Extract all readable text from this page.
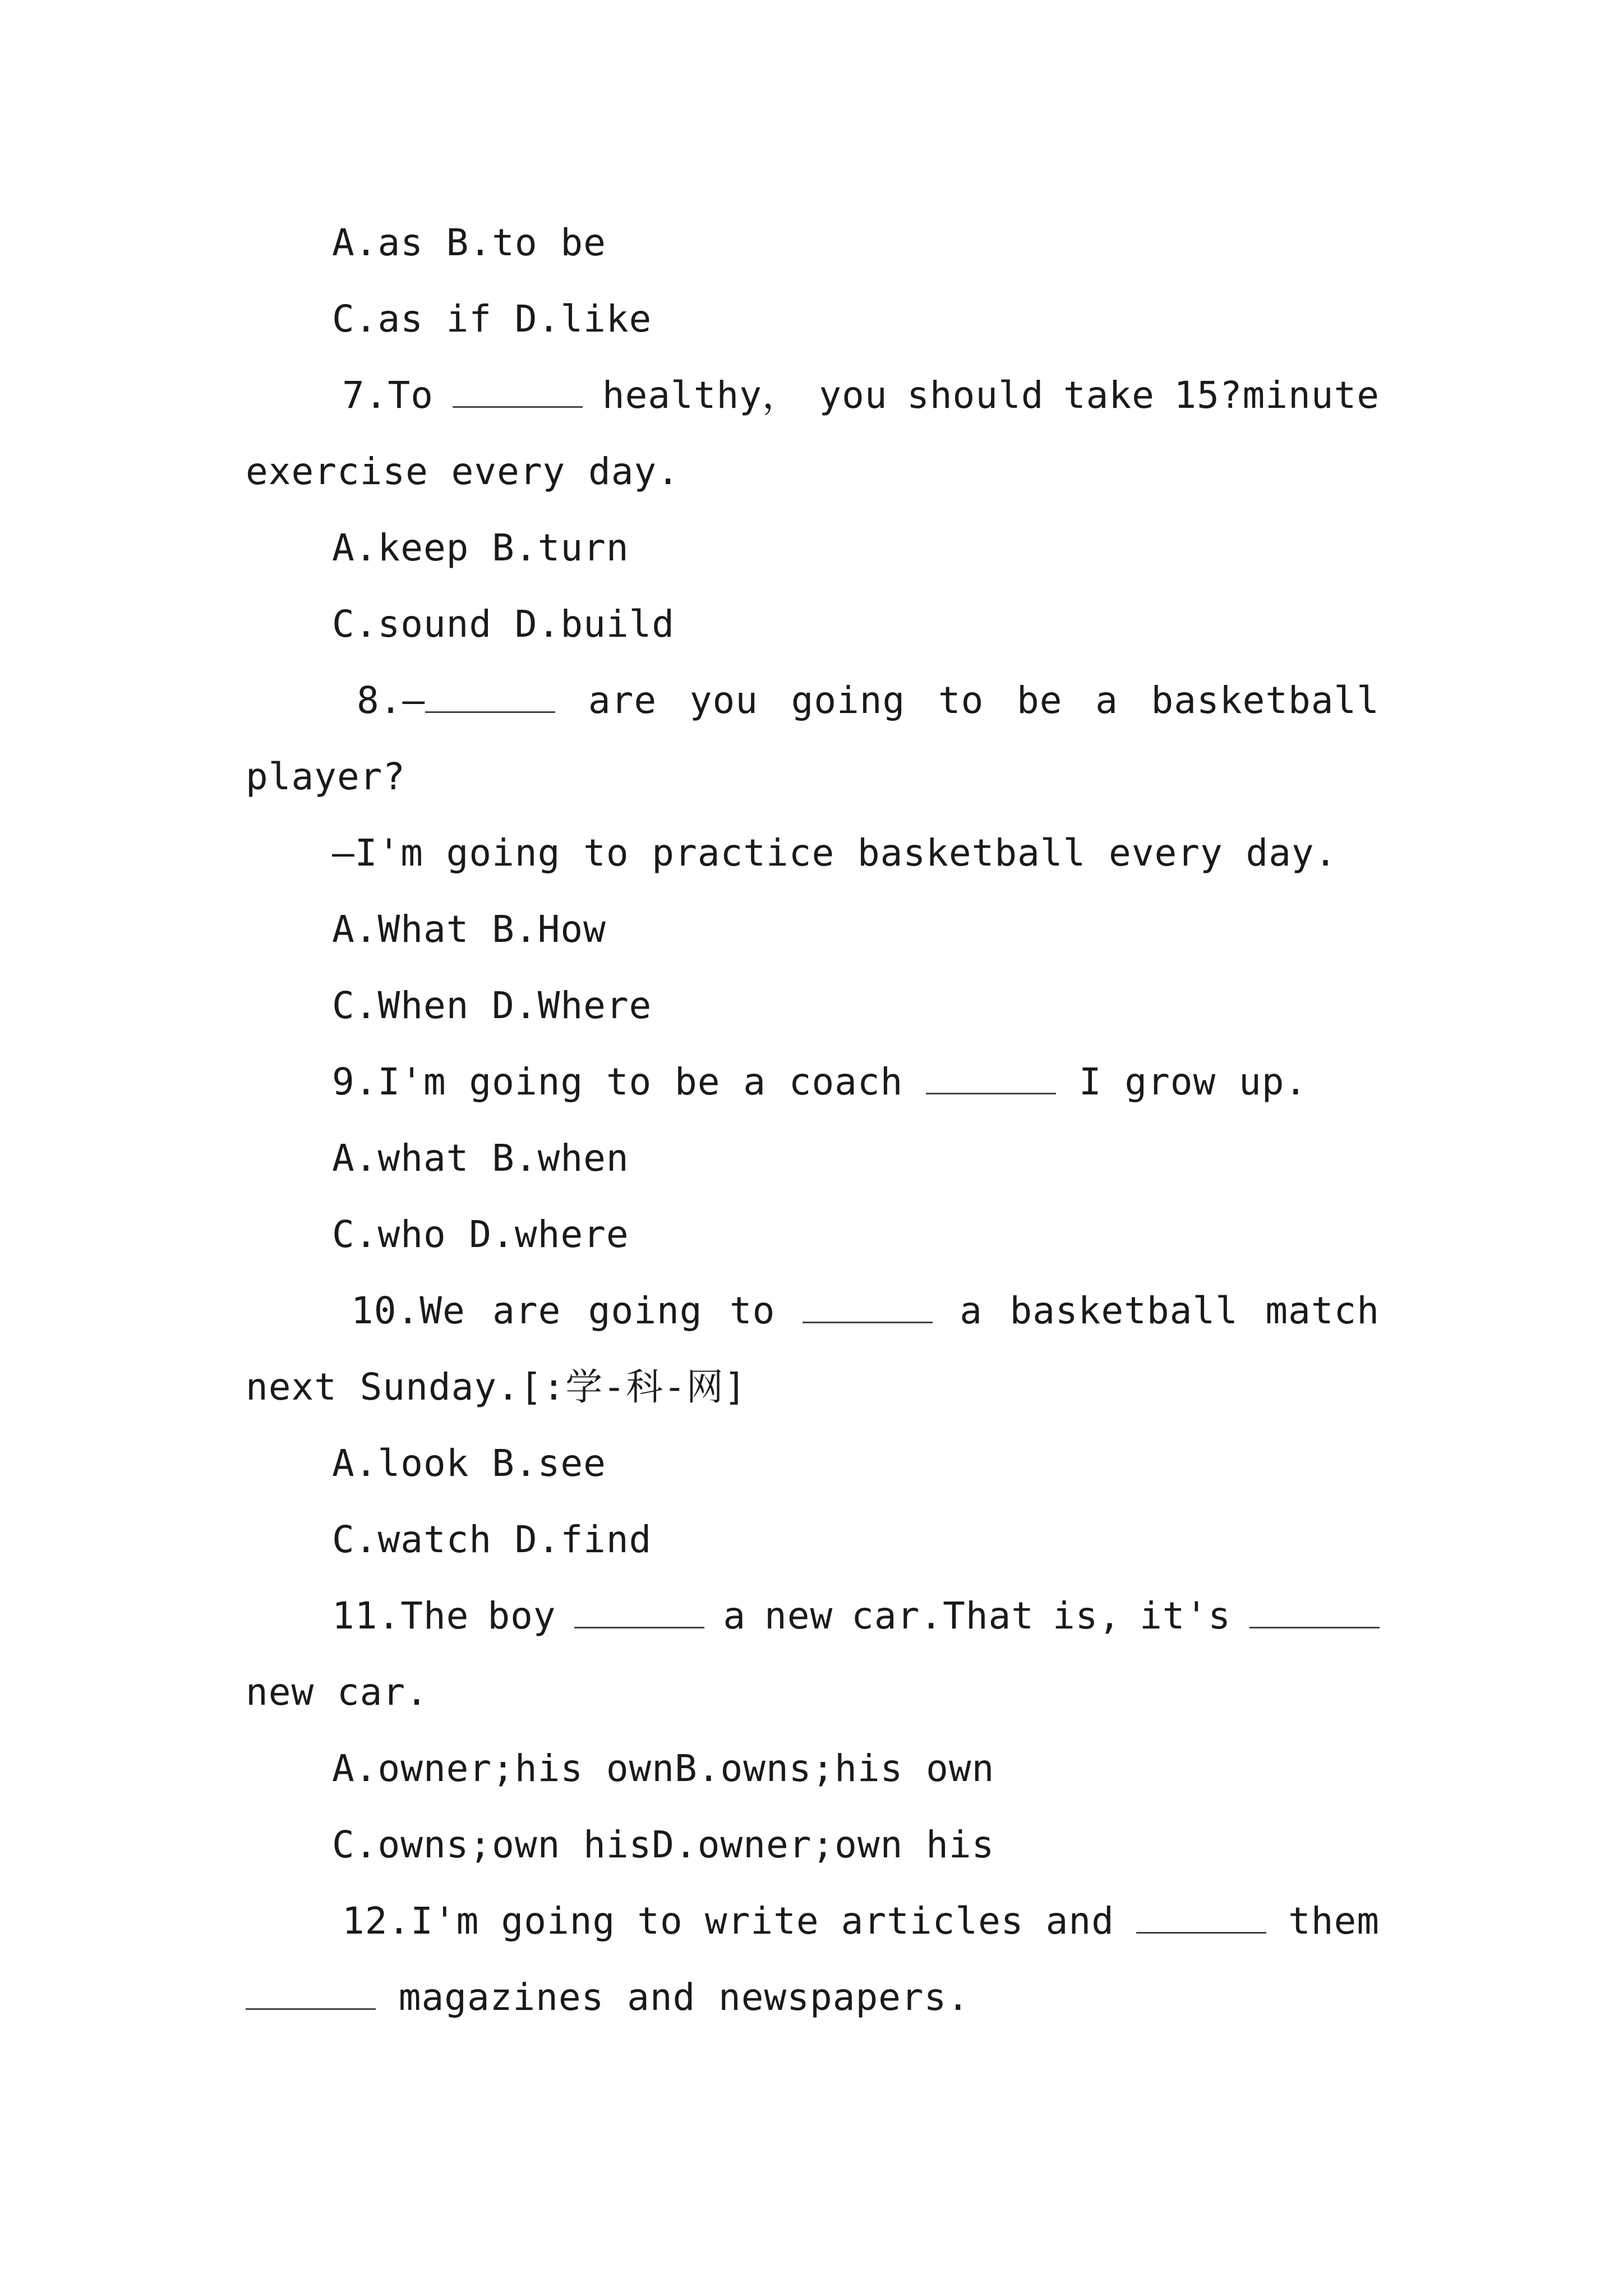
A.as B.to be
C.as if D.like
7.To	healthy， you should take 15?minute
exercise every day.
A.keep B.turn
C.sound D.build
8.—	are you going to be a basketball
player?
—I'm going to practice basketball every day.
A.What B.How
C.When D.Where
9.I'm going to be a coach	I grow up.
A.what B.when
C.who D.where
10.We are going to	a basketball match
next Sunday.[:学-科-网]
A.look B.see
C.watch D.find
11.The boy	a new car.That is, it's
new car.
A.owner;his ownB.owns;his own
C.owns;own hisD.owner;own his
12.I'm going to write articles and	them
magazines and newspapers.
